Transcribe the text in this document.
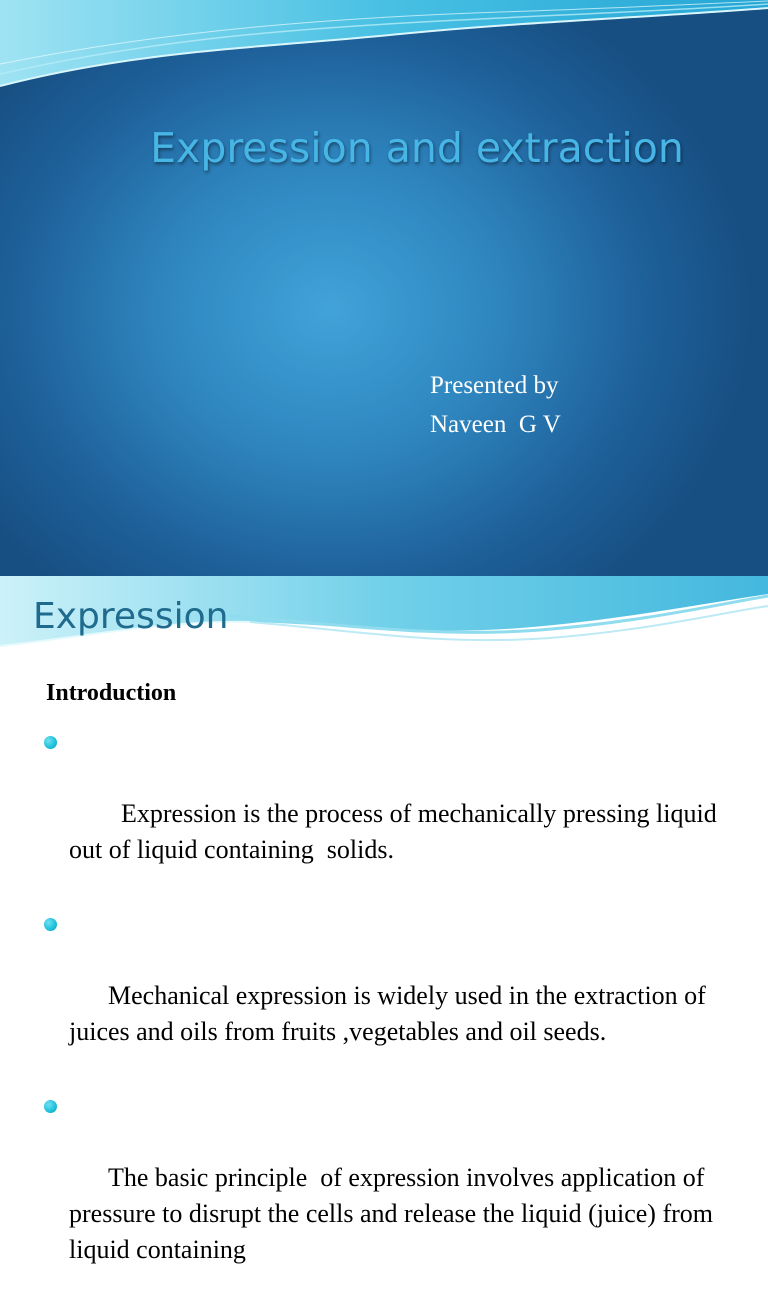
Expression and extraction
Presented by
Naveen  G V
Expression
Introduction

Expression is the process of mechanically pressing liquid out of liquid containing  solids.

Mechanical expression is widely used in the extraction of juices and oils from fruits ,vegetables and oil seeds.

The basic principle  of expression involves application of pressure to disrupt the cells and release the liquid (juice) from liquid containing
